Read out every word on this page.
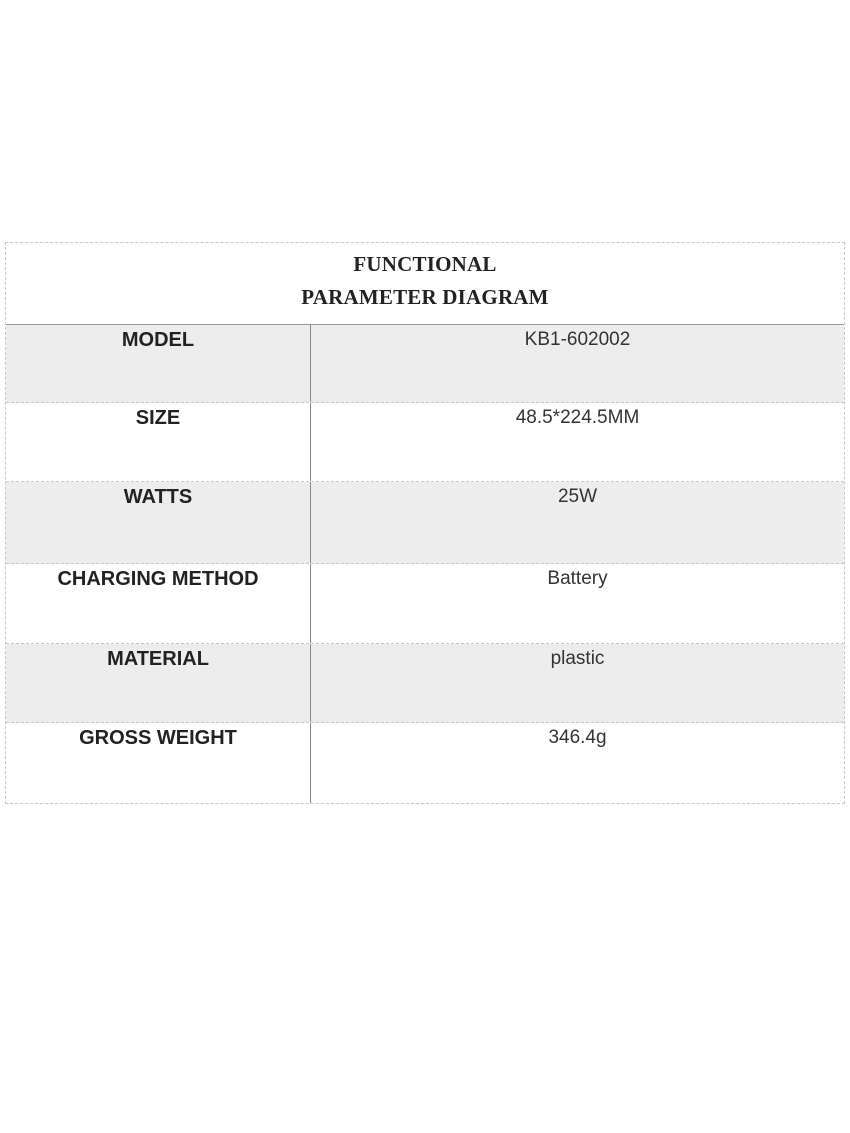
FUNCTIONAL
PARAMETER DIAGRAM
MODEL	KB1-602002
SIZE	48.5*224.5MM
WATTS	25W
CHARGING METHOD	Battery
MATERIAL	plastic
GROSS WEIGHT	346.4g
